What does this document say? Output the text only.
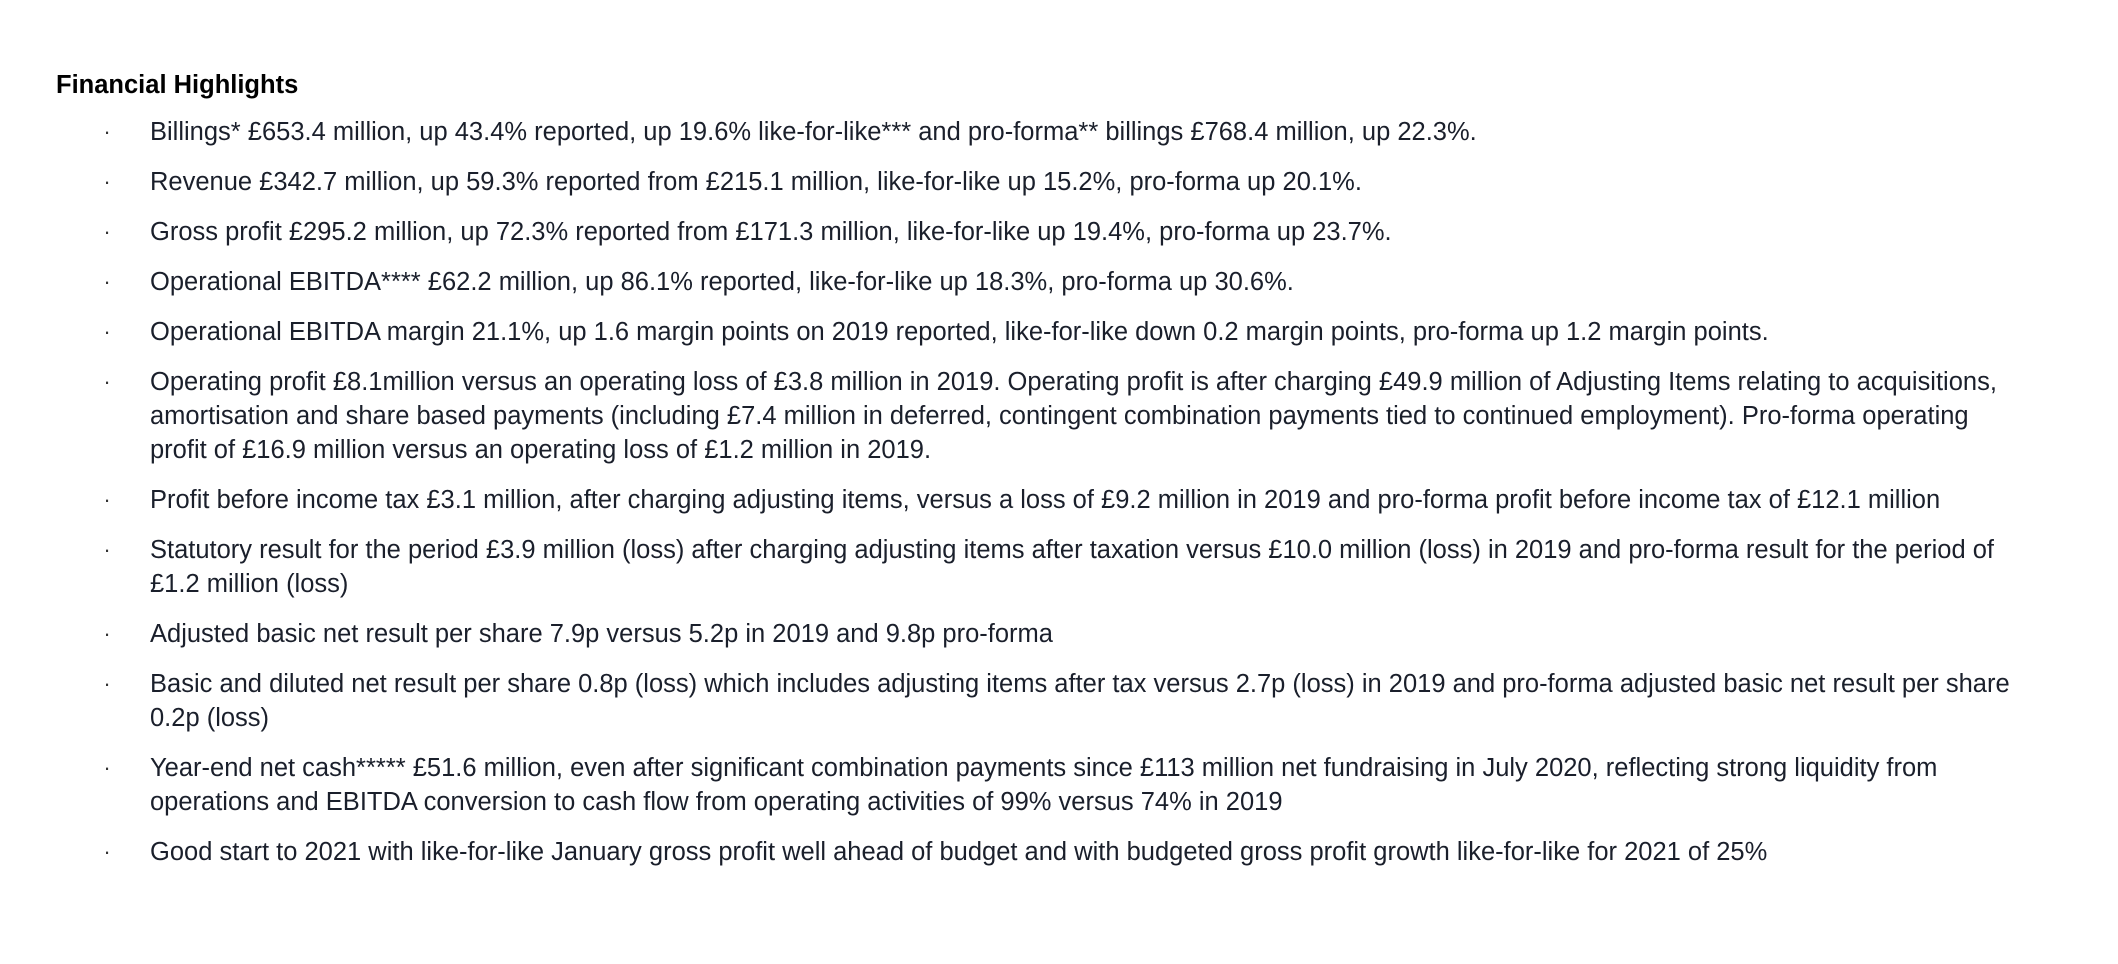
Financial Highlights
· Billings* £653.4 million, up 43.4% reported, up 19.6% like-for-like*** and pro-forma** billings £768.4 million, up 22.3%.
· Revenue £342.7 million, up 59.3% reported from £215.1 million, like-for-like up 15.2%, pro-forma up 20.1%.
· Gross profit £295.2 million, up 72.3% reported from £171.3 million, like-for-like up 19.4%, pro-forma up 23.7%.
· Operational EBITDA**** £62.2 million, up 86.1% reported, like-for-like up 18.3%, pro-forma up 30.6%.
· Operational EBITDA margin 21.1%, up 1.6 margin points on 2019 reported, like-for-like down 0.2 margin points, pro-forma up 1.2 margin points.
· Operating profit £8.1million versus an operating loss of £3.8 million in 2019. Operating profit is after charging £49.9 million of Adjusting Items relating to acquisitions, amortisation and share based payments (including £7.4 million in deferred, contingent combination payments tied to continued employment). Pro-forma operating profit of £16.9 million versus an operating loss of £1.2 million in 2019.
· Profit before income tax £3.1 million, after charging adjusting items, versus a loss of £9.2 million in 2019 and pro-forma profit before income tax of £12.1 million
· Statutory result for the period £3.9 million (loss) after charging adjusting items after taxation versus £10.0 million (loss) in 2019 and pro-forma result for the period of £1.2 million (loss)
· Adjusted basic net result per share 7.9p versus 5.2p in 2019 and 9.8p pro-forma
· Basic and diluted net result per share 0.8p (loss) which includes adjusting items after tax versus 2.7p (loss) in 2019 and pro-forma adjusted basic net result per share 0.2p (loss)
· Year-end net cash***** £51.6 million, even after significant combination payments since £113 million net fundraising in July 2020, reflecting strong liquidity from operations and EBITDA conversion to cash flow from operating activities of 99% versus 74% in 2019
· Good start to 2021 with like-for-like January gross profit well ahead of budget and with budgeted gross profit growth like-for-like for 2021 of 25%
